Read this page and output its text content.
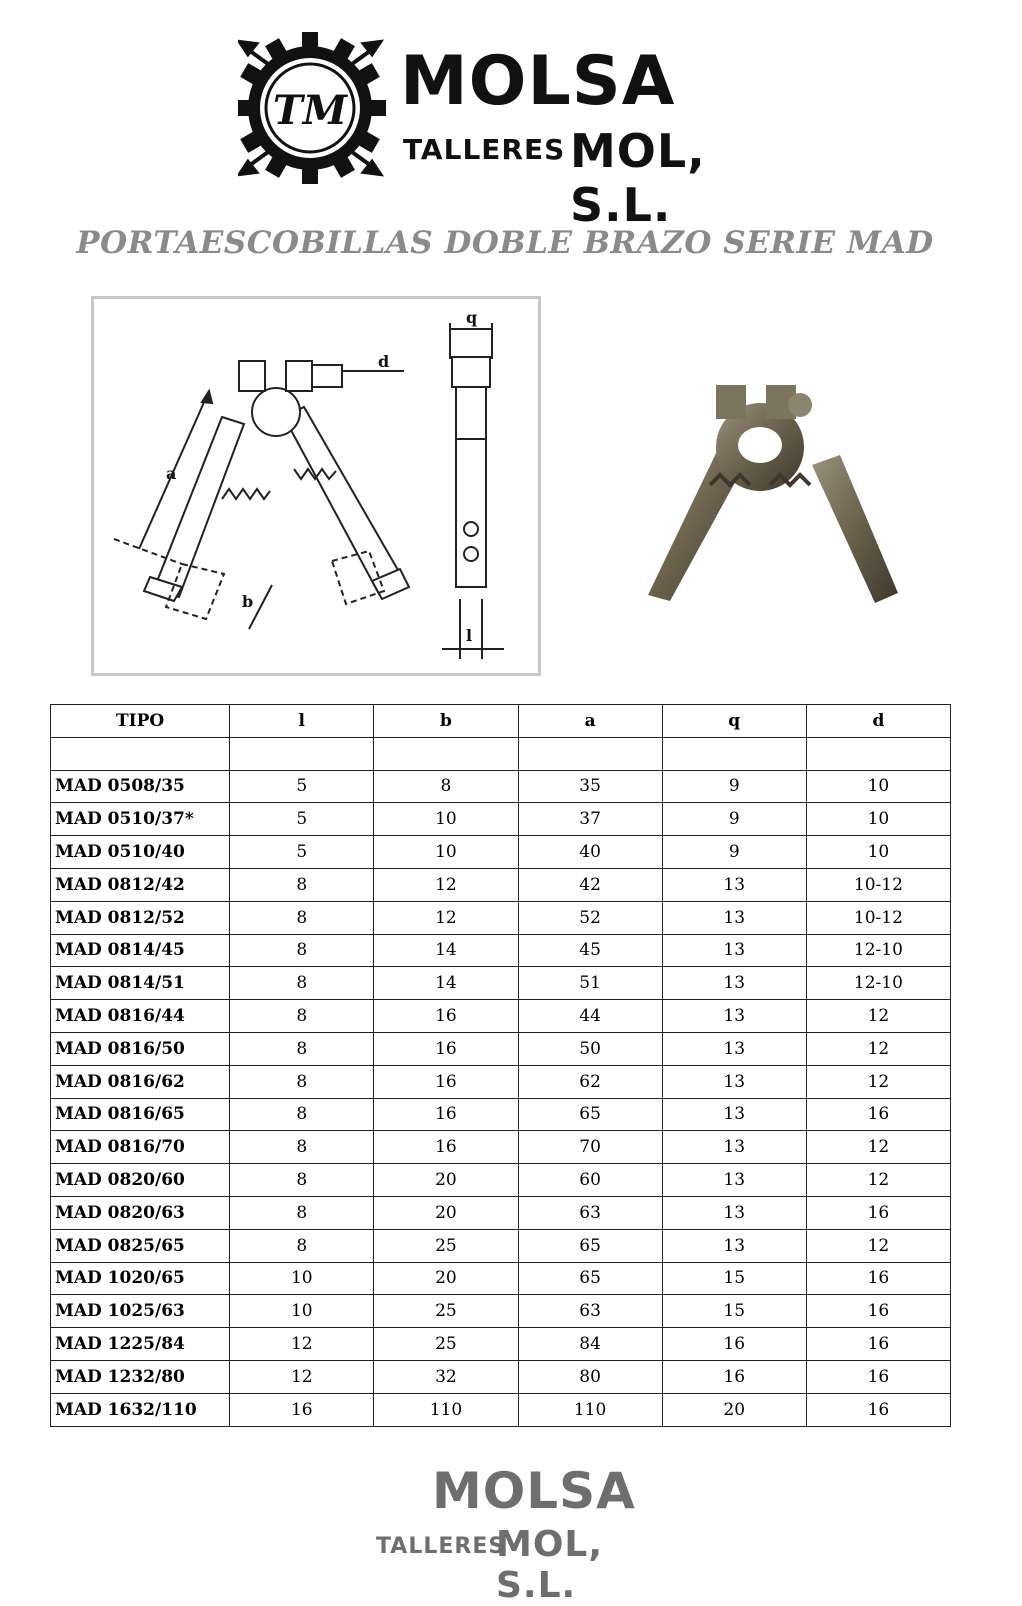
TM MOLSA
TALLERES MOL, S.L.
PORTAESCOBILLAS DOBLE BRAZO SERIE MAD
d
q
a
b
l
TIPO	l	b	a	q	d

MAD 0508/35	5	8	35	9	10
MAD 0510/37*	5	10	37	9	10
MAD 0510/40	5	10	40	9	10
MAD 0812/42	8	12	42	13	10-12
MAD 0812/52	8	12	52	13	10-12
MAD 0814/45	8	14	45	13	12-10
MAD 0814/51	8	14	51	13	12-10
MAD 0816/44	8	16	44	13	12
MAD 0816/50	8	16	50	13	12
MAD 0816/62	8	16	62	13	12
MAD 0816/65	8	16	65	13	16
MAD 0816/70	8	16	70	13	12
MAD 0820/60	8	20	60	13	12
MAD 0820/63	8	20	63	13	16
MAD 0825/65	8	25	65	13	12
MAD 1020/65	10	20	65	15	16
MAD 1025/63	10	25	63	15	16
MAD 1225/84	12	25	84	16	16
MAD 1232/80	12	32	80	16	16
MAD 1632/110	16	110	110	20	16
MOLSA
TALLERES
MOL, S.L.
